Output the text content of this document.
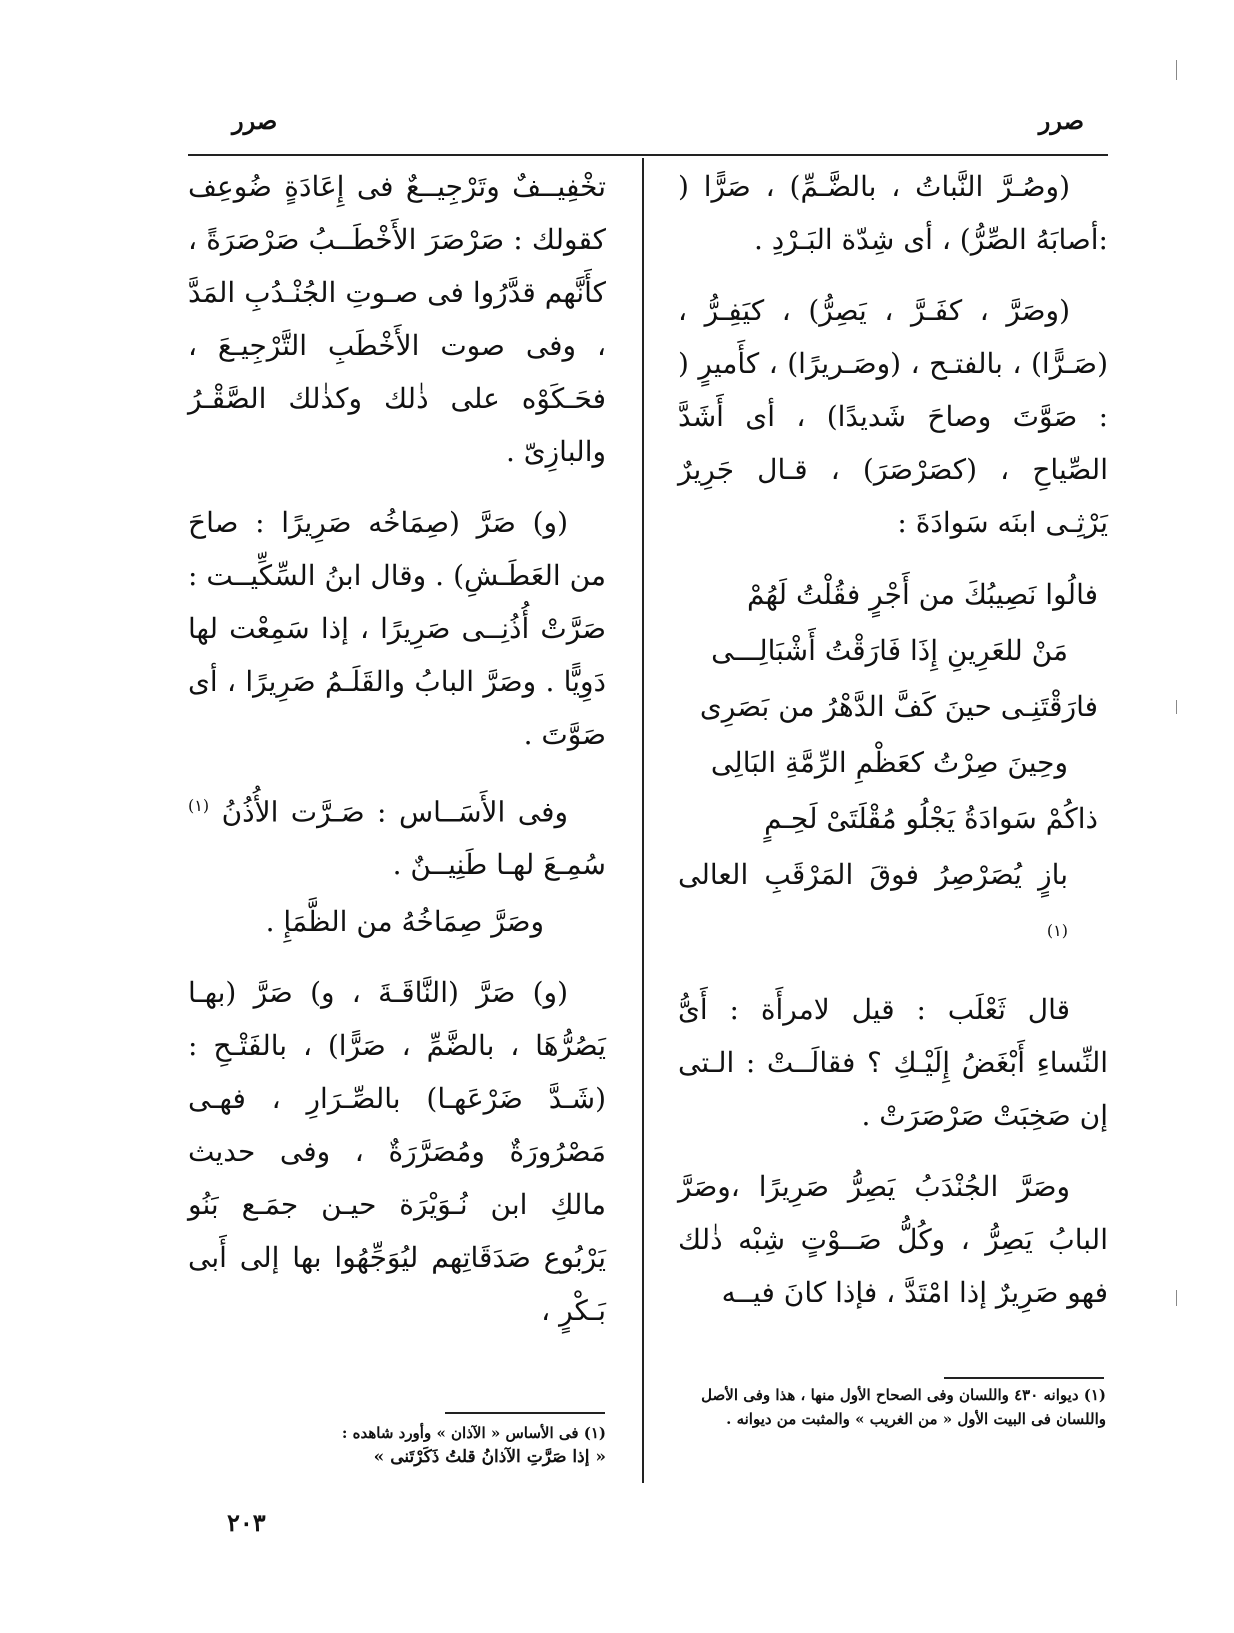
صرر
صرر

(وصُـرَّ النَّباتُ ، بالضَّـمِّ) ، صَرًّا ( :أصابَهُ الصِّرُّ) ، أى شِدّة البَـرْدِ .

(وصَرَّ ، كفَـرَّ ، يَصِرُّ) ، كيَفِـرُّ ، (صَـرًّا) ، بالفتـح ، (وصَـريرًا) ، كأَميرٍ ( : صَوَّتَ وصاحَ شَديدًا) ، أى أَشَدَّ الصِّياحِ ، (كصَرْصَرَ) ، قـال جَرِيرٌ يَرْثِـى ابنَه سَوادَةَ :

فالُوا نَصِيبُكَ من أَجْرٍ فقُلْتُ لَهُمْ

مَنْ للعَرِينِ إِذَا فَارَقْتُ أَشْبَالِـــى

فارَقْتَنِـى حينَ كَفَّ الدَّهْرُ من بَصَرِى

وحِينَ صِرْتُ كعَظْمِ الرِّمَّةِ البَالِى

ذاكُمْ سَوادَةُ يَجْلُو مُقْلَتَىْ لَحِـمٍ

بازٍ يُصَرْصِرُ فوقَ المَرْقَبِ العالى $^{(١)}$

قال ثَعْلَب : قيل لامرأَة : أَىُّ النِّساءِ أَبْغَضُ إِلَيْـكِ ؟ فقالَــتْ : الـتى إن صَخِبَتْ صَرْصَرَتْ .

وصَرَّ الجُنْدَبُ يَصِرُّ صَرِيرًا ،وصَرَّ البابُ يَصِرُّ ، وكُلُّ صَــوْتٍ شِبْه ذٰلك فهو صَرِيرٌ إذا امْتَدَّ ، فإذا كانَ فيــه

تخْفِيــفٌ وتَرْجِيــعٌ فى إِعَادَةٍ ضُوعِف كقولك : صَرْصَرَ الأَخْطَــبُ صَرْصَرَةً ، كأَنَّهم قدَّرُوا فى صـوتِ الجُنْـدُبِ المَدَّ ، وفى صوت الأَخْطَبِ التَّرْجِيـعَ ، فحَـكَوْه على ذٰلك وكذٰلك الصَّقْـرُ والبازِىّ .

(و) صَرَّ (صِمَاخُه صَرِيرًا : صاحَ من العَطَـشِ) . وقال ابنُ السِّكِّيــت : صَرَّتْ أُذُنِــى صَرِيرًا ، إذا سَمِعْت لها دَوِيًّا . وصَرَّ البابُ والقَلَـمُ صَرِيرًا ، أى صَوَّتَ .

وفى الأَسَــاس : صَـرَّت الأُذُنُ $^{(١)}$ سُمِـعَ لهـا طَنِيــنٌ .

وصَرَّ صِمَاخُهُ من الظَّمَإِ .

(و) صَرَّ (النَّاقَـةَ ، و) صَرَّ (بهـا يَصُرُّهَا ، بالضَّمِّ ، صَرًّا) ، بالفَتْـحِ : (شَـدَّ ضَرْعَهـا) بالصِّـرَارِ ، فهـى مَصْرُورَةٌ ومُصَرَّرَةٌ ، وفى حديث مالكِ ابن نُـوَيْرَة حيـن جمَـع بَنُو يَرْبُوع صَدَقَاتِهم ليُوَجِّهُوا بها إلى أَبى بَـكْرٍ ،

(١) ديوانه ٤٣٠ واللسان وفى الصحاح الأول منها ، هذا وفى الأصل واللسان فى البيت الأول « من الغريب » والمثبت من ديوانه .
(١) فى الأساس « الآذان » وأورد شاهده :
« إذا صَرَّتِ الآذانُ قلتُ ذَكَرْتَنى »
٢٠٣
